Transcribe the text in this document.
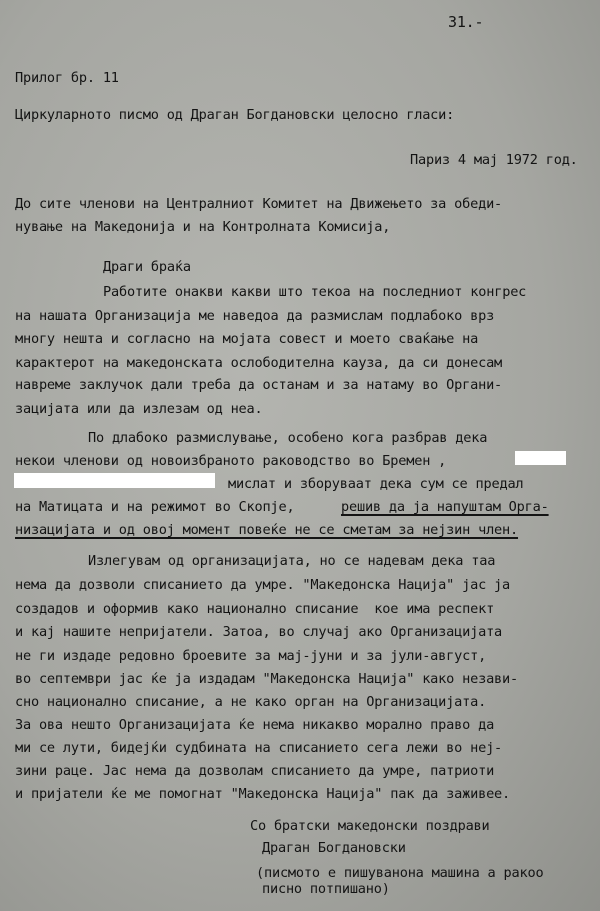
31.-
Прилог бр. 11
Циркуларното писмо од Драган Богдановски целосно гласи:
Париз 4 мај 1972 год.
До сите членови на Централниот Комитет на Движењето за обеди-
нување на Македонија и на Контролната Комисија,
Драги браќа
Работите онакви какви што текоа на последниот конгрес
на нашата Организација ме наведоа да размислам подлабоко врз
многу нешта и согласно на мојата совест и моето сваќање на
карактерот на македонската ослободителна кауза, да си донесам
навреме заклучок дали треба да останам и за натаму во Органи-
зацијата или да излезам од неа.
По длабоко размислување, особено кога разбрав дека
некои членови од новоизбраното раководство во Бремен ,
мислат и зборуваат дека сум се предал
на Матицата и на режимот во Скопје,	решив да ја напуштам Орга-
низацијата и од овој момент повеќе не се сметам за нејзин член.
Излегувам од организацијата, но се надевам дека таа
нема да дозволи списанието да умре. "Македонска Нација" јас ја
создадов и оформив како национално списание  кое има респект
и кај нашите непријатели. Затоа, во случај ако Организацијата
не ги издаде редовно броевите за мај-јуни и за јули-август,
во септември јас ќе ја издадам "Македонска Нација" како незави-
сно национално списание, а не како орган на Организацијата.
За ова нешто Организацијата ќе нема никакво морално право да
ми се лути, бидејќи судбината на списанието сега лежи во неј-
зини раце. Јас нема да дозволам списанието да умре, патриоти
и пријатели ќе ме помогнат "Македонска Нација" пак да заживее.
Со братски македонски поздрави
Драган Богдановски
(писмото е пишуванона машина а ракоо
писно потпишано)
